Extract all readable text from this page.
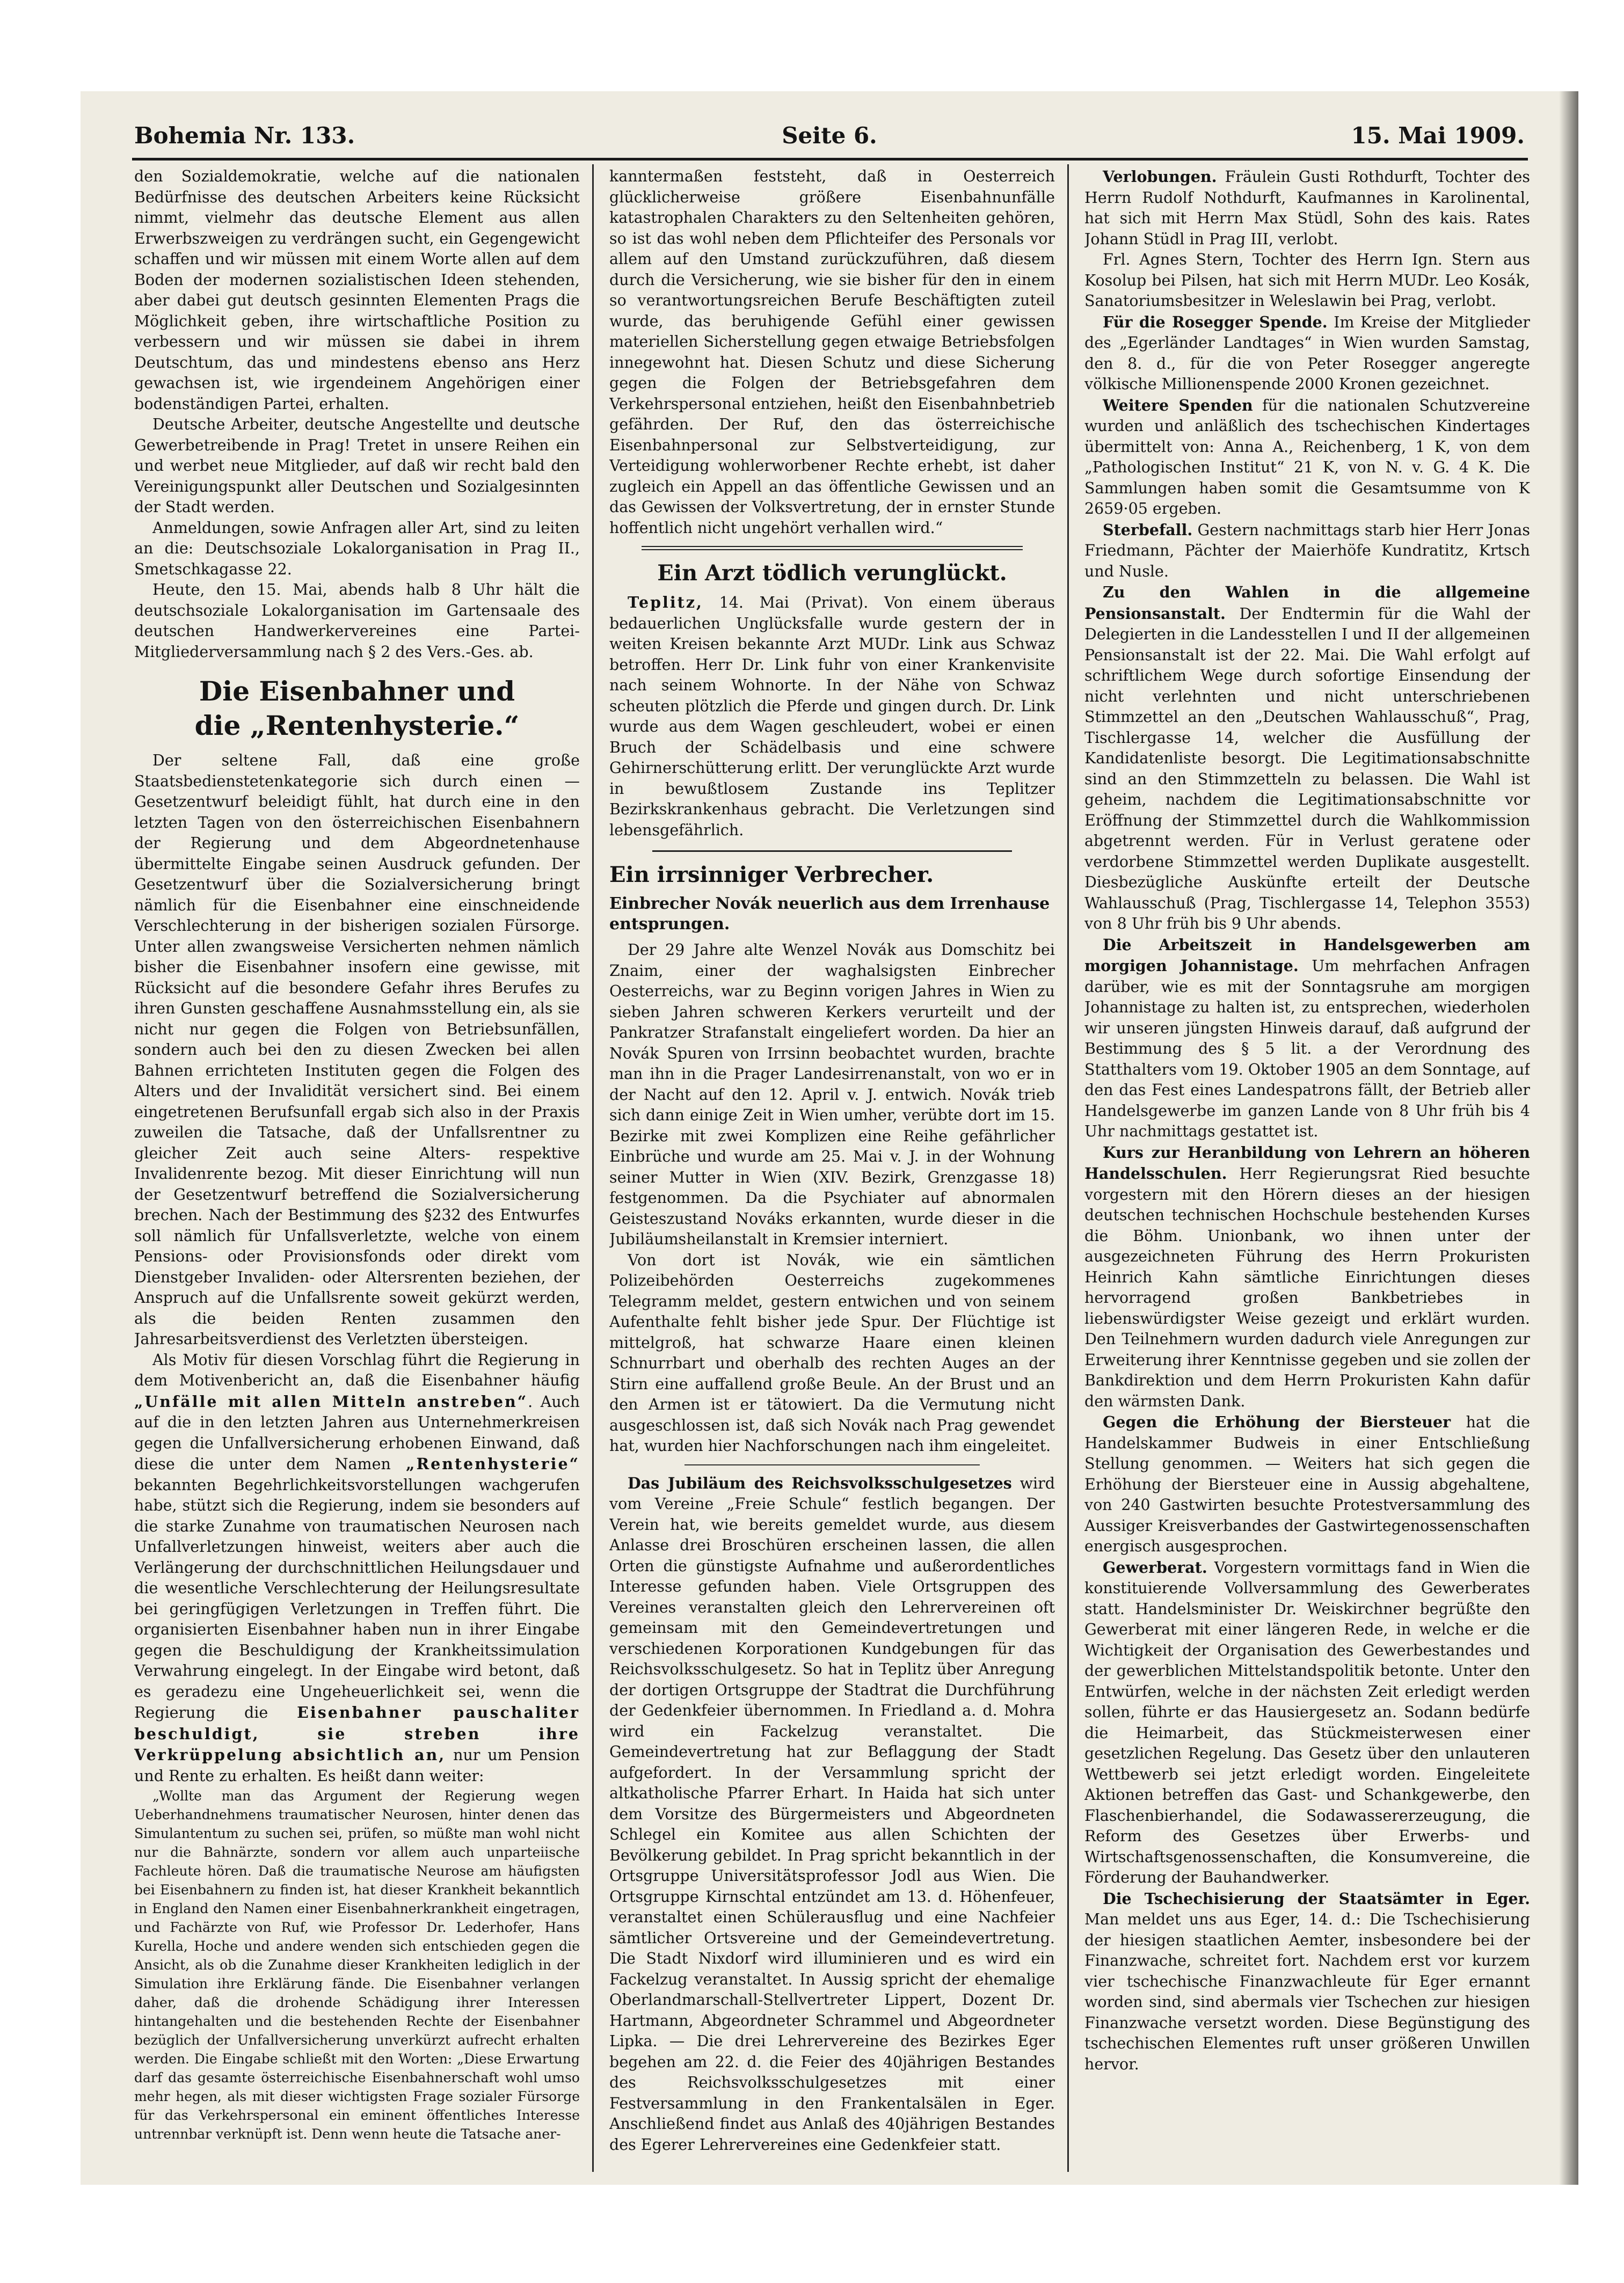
Bohemia Nr. 133.	Seite 6.	15. Mai 1909.

den Sozialdemokratie, welche auf die nationalen Bedürfnisse des deutschen Arbeiters keine Rücksicht nimmt, vielmehr das deutsche Element aus allen Erwerbszweigen zu verdrängen sucht, ein Gegengewicht schaffen und wir müssen mit einem Worte allen auf dem Boden der modernen sozialistischen Ideen stehenden, aber dabei gut deutsch gesinnten Elementen Prags die Möglichkeit geben, ihre wirtschaftliche Position zu verbessern und wir müssen sie dabei in ihrem Deutschtum, das und mindestens ebenso ans Herz gewachsen ist, wie irgendeinem Angehörigen einer bodenständigen Partei, erhalten.

Deutsche Arbeiter, deutsche Angestellte und deutsche Gewerbetreibende in Prag! Tretet in unsere Reihen ein und werbet neue Mitglieder, auf daß wir recht bald den Vereinigungspunkt aller Deutschen und Sozialgesinnten der Stadt werden.

Anmeldungen, sowie Anfragen aller Art, sind zu leiten an die: Deutschsoziale Lokalorganisation in Prag II., Smetschkagasse 22.

Heute, den 15. Mai, abends halb 8 Uhr hält die deutschsoziale Lokalorganisation im Gartensaale des deutschen Handwerkervereines eine Partei-Mitgliederversammlung nach § 2 des Vers.-Ges. ab.

Die Eisenbahner und
die „Rentenhysterie.“

Der seltene Fall, daß eine große Staatsbedienstetenkategorie sich durch einen — Gesetzentwurf beleidigt fühlt, hat durch eine in den letzten Tagen von den österreichischen Eisenbahnern der Regierung und dem Abgeordnetenhause übermittelte Eingabe seinen Ausdruck gefunden. Der Gesetzentwurf über die Sozialversicherung bringt nämlich für die Eisenbahner eine einschneidende Verschlechterung in der bisherigen sozialen Fürsorge. Unter allen zwangsweise Versicherten nehmen nämlich bisher die Eisenbahner insofern eine gewisse, mit Rücksicht auf die besondere Gefahr ihres Berufes zu ihren Gunsten geschaffene Ausnahmsstellung ein, als sie nicht nur gegen die Folgen von Betriebsunfällen, sondern auch bei den zu diesen Zwecken bei allen Bahnen errichteten Instituten gegen die Folgen des Alters und der Invalidität versichert sind. Bei einem eingetretenen Berufsunfall ergab sich also in der Praxis zuweilen die Tatsache, daß der Unfallsrentner zu gleicher Zeit auch seine Alters- respektive Invalidenrente bezog. Mit dieser Einrichtung will nun der Gesetzentwurf betreffend die Sozialversicherung brechen. Nach der Bestimmung des §232 des Entwurfes soll nämlich für Unfallsverletzte, welche von einem Pensions- oder Provisionsfonds oder direkt vom Dienstgeber Invaliden- oder Altersrenten beziehen, der Anspruch auf die Unfallsrente soweit gekürzt werden, als die beiden Renten zusammen den Jahresarbeitsverdienst des Verletzten übersteigen.

Als Motiv für diesen Vorschlag führt die Regierung in dem Motivenbericht an, daß die Eisenbahner häufig „Unfälle mit allen Mitteln anstreben“. Auch auf die in den letzten Jahren aus Unternehmerkreisen gegen die Unfallversicherung erhobenen Einwand, daß diese die unter dem Namen „Rentenhysterie“ bekannten Begehrlichkeitsvorstellungen wachgerufen habe, stützt sich die Regierung, indem sie besonders auf die starke Zunahme von traumatischen Neurosen nach Unfallverletzungen hinweist, weiters aber auch die Verlängerung der durchschnittlichen Heilungsdauer und die wesentliche Verschlechterung der Heilungsresultate bei geringfügigen Verletzungen in Treffen führt. Die organisierten Eisenbahner haben nun in ihrer Eingabe gegen die Beschuldigung der Krankheitssimulation Verwahrung eingelegt. In der Eingabe wird betont, daß es geradezu eine Ungeheuerlichkeit sei, wenn die Regierung die Eisenbahner pauschaliter beschuldigt, sie streben ihre Verkrüppelung absichtlich an, nur um Pension und Rente zu erhalten. Es heißt dann weiter:

„Wollte man das Argument der Regierung wegen Ueberhandnehmens traumatischer Neurosen, hinter denen das Simulantentum zu suchen sei, prüfen, so müßte man wohl nicht nur die Bahnärzte, sondern vor allem auch unparteiische Fachleute hören. Daß die traumatische Neurose am häufigsten bei Eisenbahnern zu finden ist, hat dieser Krankheit bekanntlich in England den Namen einer Eisenbahnerkrankheit eingetragen, und Fachärzte von Ruf, wie Professor Dr. Lederhofer, Hans Kurella, Hoche und andere wenden sich entschieden gegen die Ansicht, als ob die Zunahme dieser Krankheiten lediglich in der Simulation ihre Erklärung fände. Die Eisenbahner verlangen daher, daß die drohende Schädigung ihrer Interessen hintangehalten und die bestehenden Rechte der Eisenbahner bezüglich der Unfallversicherung unverkürzt aufrecht erhalten werden. Die Eingabe schließt mit den Worten: „Diese Erwartung darf das gesamte österreichische Eisenbahnerschaft wohl umso mehr hegen, als mit dieser wichtigsten Frage sozialer Fürsorge für das Verkehrspersonal ein eminent öffentliches Interesse untrennbar verknüpft ist. Denn wenn heute die Tatsache aner-

kanntermaßen feststeht, daß in Oesterreich glücklicherweise größere Eisenbahnunfälle katastrophalen Charakters zu den Seltenheiten gehören, so ist das wohl neben dem Pflichteifer des Personals vor allem auf den Umstand zurückzuführen, daß diesem durch die Versicherung, wie sie bisher für den in einem so verantwortungsreichen Berufe Beschäftigten zuteil wurde, das beruhigende Gefühl einer gewissen materiellen Sicherstellung gegen etwaige Betriebsfolgen innegewohnt hat. Diesen Schutz und diese Sicherung gegen die Folgen der Betriebsgefahren dem Verkehrspersonal entziehen, heißt den Eisenbahnbetrieb gefährden. Der Ruf, den das österreichische Eisenbahnpersonal zur Selbstverteidigung, zur Verteidigung wohlerworbener Rechte erhebt, ist daher zugleich ein Appell an das öffentliche Gewissen und an das Gewissen der Volksvertretung, der in ernster Stunde hoffentlich nicht ungehört verhallen wird.“

Ein Arzt tödlich verunglückt.

Teplitz, 14. Mai (Privat). Von einem überaus bedauerlichen Unglücksfalle wurde gestern der in weiten Kreisen bekannte Arzt MUDr. Link aus Schwaz betroffen. Herr Dr. Link fuhr von einer Krankenvisite nach seinem Wohnorte. In der Nähe von Schwaz scheuten plötzlich die Pferde und gingen durch. Dr. Link wurde aus dem Wagen geschleudert, wobei er einen Bruch der Schädelbasis und eine schwere Gehirnerschütterung erlitt. Der verunglückte Arzt wurde in bewußtlosem Zustande ins Teplitzer Bezirkskrankenhaus gebracht. Die Verletzungen sind lebensgefährlich.

Ein irrsinniger Verbrecher.
Einbrecher Novák neuerlich aus dem Irrenhause entsprungen.

Der 29 Jahre alte Wenzel Novák aus Domschitz bei Znaim, einer der waghalsigsten Einbrecher Oesterreichs, war zu Beginn vorigen Jahres in Wien zu sieben Jahren schweren Kerkers verurteilt und der Pankratzer Strafanstalt eingeliefert worden. Da hier an Novák Spuren von Irrsinn beobachtet wurden, brachte man ihn in die Prager Landesirrenanstalt, von wo er in der Nacht auf den 12. April v. J. entwich. Novák trieb sich dann einige Zeit in Wien umher, verübte dort im 15. Bezirke mit zwei Komplizen eine Reihe gefährlicher Einbrüche und wurde am 25. Mai v. J. in der Wohnung seiner Mutter in Wien (XIV. Bezirk, Grenzgasse 18) festgenommen. Da die Psychiater auf abnormalen Geisteszustand Nováks erkannten, wurde dieser in die Jubiläumsheilanstalt in Kremsier interniert.

Von dort ist Novák, wie ein sämtlichen Polizeibehörden Oesterreichs zugekommenes Telegramm meldet, gestern entwichen und von seinem Aufenthalte fehlt bisher jede Spur. Der Flüchtige ist mittelgroß, hat schwarze Haare einen kleinen Schnurrbart und oberhalb des rechten Auges an der Stirn eine auffallend große Beule. An der Brust und an den Armen ist er tätowiert. Da die Vermutung nicht ausgeschlossen ist, daß sich Novák nach Prag gewendet hat, wurden hier Nachforschungen nach ihm eingeleitet.

Das Jubiläum des Reichsvolksschulgesetzes wird vom Vereine „Freie Schule“ festlich begangen. Der Verein hat, wie bereits gemeldet wurde, aus diesem Anlasse drei Broschüren erscheinen lassen, die allen Orten die günstigste Aufnahme und außerordentliches Interesse gefunden haben. Viele Ortsgruppen des Vereines veranstalten gleich den Lehrervereinen oft gemeinsam mit den Gemeindevertretungen und verschiedenen Korporationen Kundgebungen für das Reichsvolksschulgesetz. So hat in Teplitz über Anregung der dortigen Ortsgruppe der Stadtrat die Durchführung der Gedenkfeier übernommen. In Friedland a. d. Mohra wird ein Fackelzug veranstaltet. Die Gemeindevertretung hat zur Beflaggung der Stadt aufgefordert. In der Versammlung spricht der altkatholische Pfarrer Erhart. In Haida hat sich unter dem Vorsitze des Bürgermeisters und Abgeordneten Schlegel ein Komitee aus allen Schichten der Bevölkerung gebildet. In Prag spricht bekanntlich in der Ortsgruppe Universitätsprofessor Jodl aus Wien. Die Ortsgruppe Kirnschtal entzündet am 13. d. Höhenfeuer, veranstaltet einen Schülerausflug und eine Nachfeier sämtlicher Ortsvereine und der Gemeindevertretung. Die Stadt Nixdorf wird illuminieren und es wird ein Fackelzug veranstaltet. In Aussig spricht der ehemalige Oberlandmarschall-Stellvertreter Lippert, Dozent Dr. Hartmann, Abgeordneter Schrammel und Abgeordneter Lipka. — Die drei Lehrervereine des Bezirkes Eger begehen am 22. d. die Feier des 40jährigen Bestandes des Reichsvolksschulgesetzes mit einer Festversammlung in den Frankentalsälen in Eger. Anschließend findet aus Anlaß des 40jährigen Bestandes des Egerer Lehrervereines eine Gedenkfeier statt.

Verlobungen. Fräulein Gusti Rothdurft, Tochter des Herrn Rudolf Nothdurft, Kaufmannes in Karolinental, hat sich mit Herrn Max Stüdl, Sohn des kais. Rates Johann Stüdl in Prag III, verlobt.

Frl. Agnes Stern, Tochter des Herrn Ign. Stern aus Kosolup bei Pilsen, hat sich mit Herrn MUDr. Leo Kosák, Sanatoriumsbesitzer in Weleslawin bei Prag, verlobt.

Für die Rosegger Spende. Im Kreise der Mitglieder des „Egerländer Landtages“ in Wien wurden Samstag, den 8. d., für die von Peter Rosegger angeregte völkische Millionenspende 2000 Kronen gezeichnet.

Weitere Spenden für die nationalen Schutzvereine wurden und anläßlich des tschechischen Kindertages übermittelt von: Anna A., Reichenberg, 1 K, von dem „Pathologischen Institut“ 21 K, von N. v. G. 4 K. Die Sammlungen haben somit die Gesamtsumme von K 2659·05 ergeben.

Sterbefall. Gestern nachmittags starb hier Herr Jonas Friedmann, Pächter der Maierhöfe Kundratitz, Krtsch und Nusle.

Zu den Wahlen in die allgemeine Pensionsanstalt. Der Endtermin für die Wahl der Delegierten in die Landesstellen I und II der allgemeinen Pensionsanstalt ist der 22. Mai. Die Wahl erfolgt auf schriftlichem Wege durch sofortige Einsendung der nicht verlehnten und nicht unterschriebenen Stimmzettel an den „Deutschen Wahlausschuß“, Prag, Tischlergasse 14, welcher die Ausfüllung der Kandidatenliste besorgt. Die Legitimationsabschnitte sind an den Stimmzetteln zu belassen. Die Wahl ist geheim, nachdem die Legitimationsabschnitte vor Eröffnung der Stimmzettel durch die Wahlkommission abgetrennt werden. Für in Verlust geratene oder verdorbene Stimmzettel werden Duplikate ausgestellt. Diesbezügliche Auskünfte erteilt der Deutsche Wahlausschuß (Prag, Tischlergasse 14, Telephon 3553) von 8 Uhr früh bis 9 Uhr abends.

Die Arbeitszeit in Handelsgewerben am morgigen Johannistage. Um mehrfachen Anfragen darüber, wie es mit der Sonntagsruhe am morgigen Johannistage zu halten ist, zu entsprechen, wiederholen wir unseren jüngsten Hinweis darauf, daß aufgrund der Bestimmung des § 5 lit. a der Verordnung des Statthalters vom 19. Oktober 1905 an dem Sonntage, auf den das Fest eines Landespatrons fällt, der Betrieb aller Handelsgewerbe im ganzen Lande von 8 Uhr früh bis 4 Uhr nachmittags gestattet ist.

Kurs zur Heranbildung von Lehrern an höheren Handelsschulen. Herr Regierungsrat Ried besuchte vorgestern mit den Hörern dieses an der hiesigen deutschen technischen Hochschule bestehenden Kurses die Böhm. Unionbank, wo ihnen unter der ausgezeichneten Führung des Herrn Prokuristen Heinrich Kahn sämtliche Einrichtungen dieses hervorragend großen Bankbetriebes in liebenswürdigster Weise gezeigt und erklärt wurden. Den Teilnehmern wurden dadurch viele Anregungen zur Erweiterung ihrer Kenntnisse gegeben und sie zollen der Bankdirektion und dem Herrn Prokuristen Kahn dafür den wärmsten Dank.

Gegen die Erhöhung der Biersteuer hat die Handelskammer Budweis in einer Entschließung Stellung genommen. — Weiters hat sich gegen die Erhöhung der Biersteuer eine in Aussig abgehaltene, von 240 Gastwirten besuchte Protestversammlung des Aussiger Kreisverbandes der Gastwirtegenossenschaften energisch ausgesprochen.

Gewerberat. Vorgestern vormittags fand in Wien die konstituierende Vollversammlung des Gewerberates statt. Handelsminister Dr. Weiskirchner begrüßte den Gewerberat mit einer längeren Rede, in welche er die Wichtigkeit der Organisation des Gewerbestandes und der gewerblichen Mittelstandspolitik betonte. Unter den Entwürfen, welche in der nächsten Zeit erledigt werden sollen, führte er das Hausiergesetz an. Sodann bedürfe die Heimarbeit, das Stückmeisterwesen einer gesetzlichen Regelung. Das Gesetz über den unlauteren Wettbewerb sei jetzt erledigt worden. Eingeleitete Aktionen betreffen das Gast- und Schankgewerbe, den Flaschenbierhandel, die Sodawassererzeugung, die Reform des Gesetzes über Erwerbs- und Wirtschaftsgenossenschaften, die Konsumvereine, die Förderung der Bauhandwerker.

Die Tschechisierung der Staatsämter in Eger. Man meldet uns aus Eger, 14. d.: Die Tschechisierung der hiesigen staatlichen Aemter, insbesondere bei der Finanzwache, schreitet fort. Nachdem erst vor kurzem vier tschechische Finanzwachleute für Eger ernannt worden sind, sind abermals vier Tschechen zur hiesigen Finanzwache versetzt worden. Diese Begünstigung des tschechischen Elementes ruft unser größeren Unwillen hervor.
